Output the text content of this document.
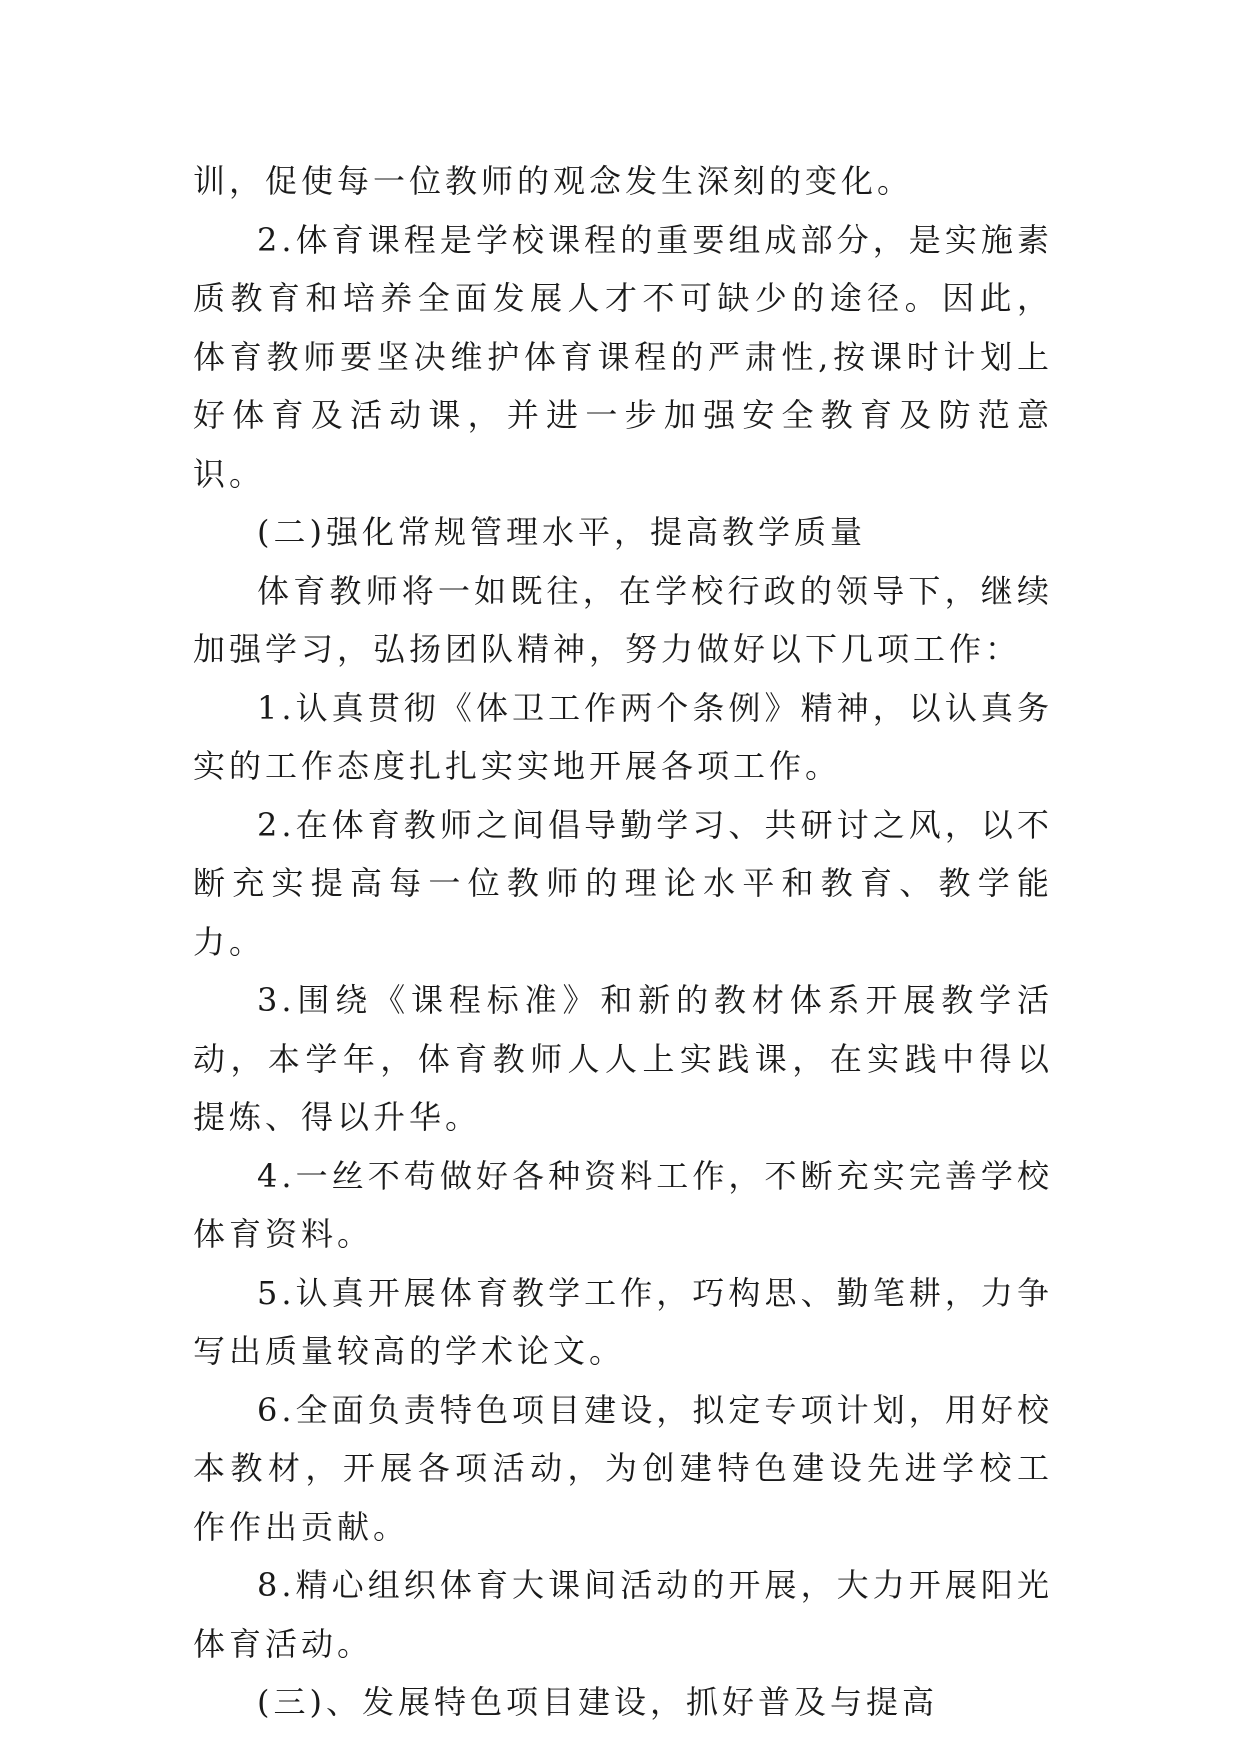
训，促使每一位教师的观念发生深刻的变化。

2.体育课程是学校课程的重要组成部分，是实施素质教育和培养全面发展人才不可缺少的途径。因此，体育教师要坚决维护体育课程的严肃性,按课时计划上好体育及活动课，并进一步加强安全教育及防范意识。

(二)强化常规管理水平，提高教学质量

体育教师将一如既往，在学校行政的领导下，继续加强学习，弘扬团队精神，努力做好以下几项工作：

1.认真贯彻《体卫工作两个条例》精神，以认真务实的工作态度扎扎实实地开展各项工作。

2.在体育教师之间倡导勤学习、共研讨之风，以不断充实提高每一位教师的理论水平和教育、教学能力。

3.围绕《课程标准》和新的教材体系开展教学活动，本学年，体育教师人人上实践课，在实践中得以提炼、得以升华。

4.一丝不苟做好各种资料工作，不断充实完善学校体育资料。

5.认真开展体育教学工作，巧构思、勤笔耕，力争写出质量较高的学术论文。

6.全面负责特色项目建设，拟定专项计划，用好校本教材，开展各项活动，为创建特色建设先进学校工作作出贡献。

8.精心组织体育大课间活动的开展，大力开展阳光体育活动。

(三)、发展特色项目建设，抓好普及与提高
